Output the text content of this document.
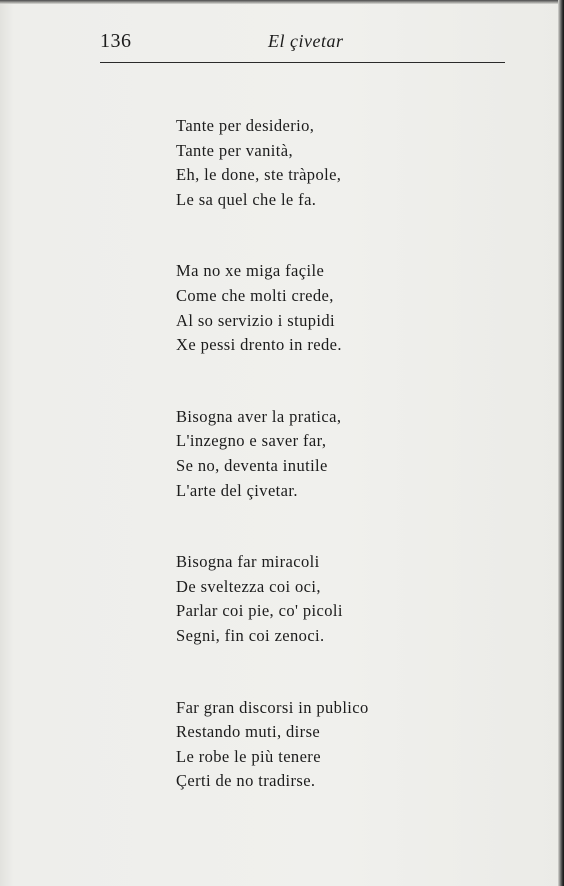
136	El çivetar
Tante per desiderio,
Tante per vanità,
Eh, le done, ste tràpole,
Le sa quel che le fa.
Ma no xe miga façile
Come che molti crede,
Al so servizio i stupidi
Xe pessi drento in rede.
Bisogna aver la pratica,
L'inzegno e saver far,
Se no, deventa inutile
L'arte del çivetar.
Bisogna far miracoli
De sveltezza coi oci,
Parlar coi pie, co' picoli
Segni, fin coi zenoci.
Far gran discorsi in publico
Restando muti, dirse
Le robe le più tenere
Çerti de no tradirse.
